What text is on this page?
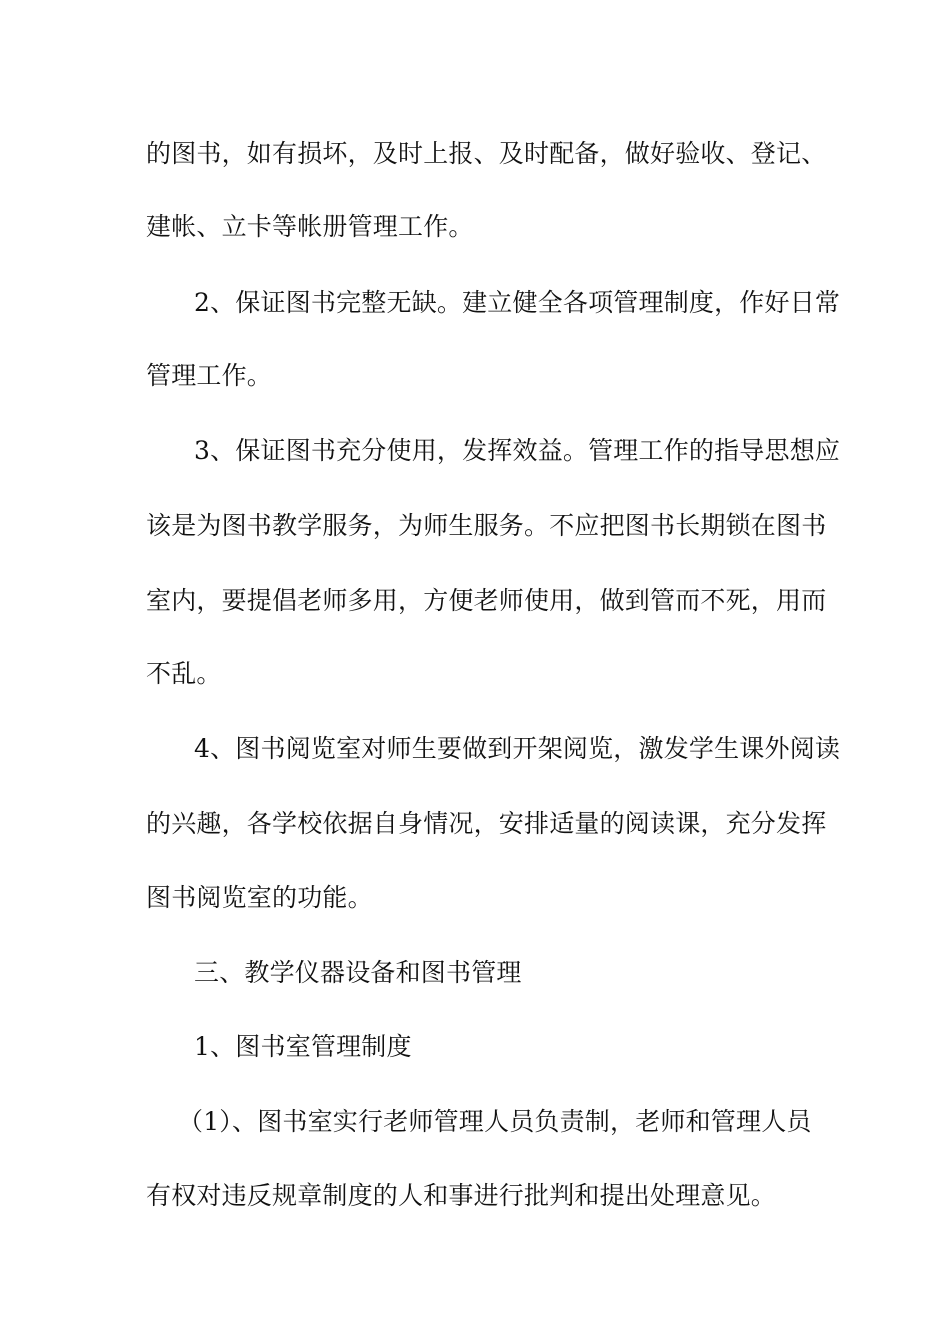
的图书，如有损坏，及时上报、及时配备，做好验收、登记、
建帐、立卡等帐册管理工作。
2、保证图书完整无缺。建立健全各项管理制度，作好日常
管理工作。
3、保证图书充分使用，发挥效益。管理工作的指导思想应
该是为图书教学服务，为师生服务。不应把图书长期锁在图书
室内，要提倡老师多用，方便老师使用，做到管而不死，用而
不乱。
4、图书阅览室对师生要做到开架阅览，激发学生课外阅读
的兴趣，各学校依据自身情况，安排适量的阅读课，充分发挥
图书阅览室的功能。
三、教学仪器设备和图书管理
1、图书室管理制度
（1）、图书室实行老师管理人员负责制，老师和管理人员
有权对违反规章制度的人和事进行批判和提出处理意见。
